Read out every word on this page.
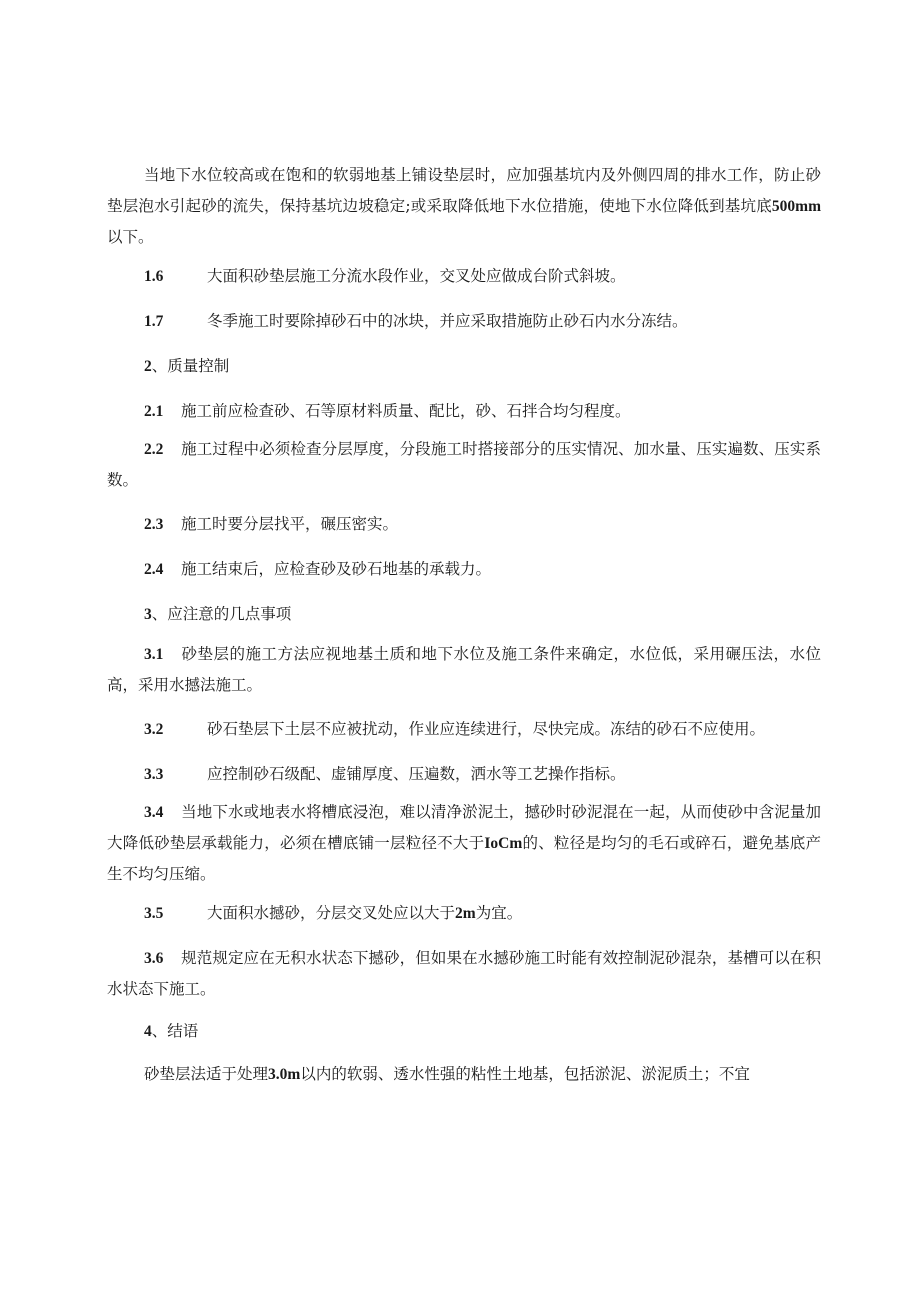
当地下水位较高或在饱和的软弱地基上铺设垫层时，应加强基坑内及外侧四周的排水工作，防止砂垫层泡水引起砂的流失，保持基坑边坡稳定;或采取降低地下水位措施，使地下水位降低到基坑底500mm以下。

1.6	大面积砂垫层施工分流水段作业，交叉处应做成台阶式斜坡。

1.7	冬季施工时要除掉砂石中的冰块，并应采取措施防止砂石内水分冻结。

2、质量控制

2.1 施工前应检查砂、石等原材料质量、配比，砂、石拌合均匀程度。

2.2 施工过程中必须检查分层厚度，分段施工时搭接部分的压实情况、加水量、压实遍数、压实系数。

2.3 施工时要分层找平，碾压密实。

2.4 施工结束后，应检查砂及砂石地基的承载力。

3、应注意的几点事项

3.1 砂垫层的施工方法应视地基土质和地下水位及施工条件来确定，水位低，采用碾压法，水位高，采用水撼法施工。

3.2	砂石垫层下土层不应被扰动，作业应连续进行，尽快完成。冻结的砂石不应使用。

3.3	应控制砂石级配、虚铺厚度、压遍数，洒水等工艺操作指标。

3.4 当地下水或地表水将槽底浸泡，难以清净淤泥土，撼砂时砂泥混在一起，从而使砂中含泥量加大降低砂垫层承载能力，必须在槽底铺一层粒径不大于IoCm的、粒径是均匀的毛石或碎石，避免基底产生不均匀压缩。

3.5	大面积水撼砂，分层交叉处应以大于2m为宜。

3.6 规范规定应在无积水状态下撼砂，但如果在水撼砂施工时能有效控制泥砂混杂，基槽可以在积水状态下施工。

4、结语

砂垫层法适于处理3.0m以内的软弱、透水性强的粘性土地基，包括淤泥、淤泥质土；不宜
